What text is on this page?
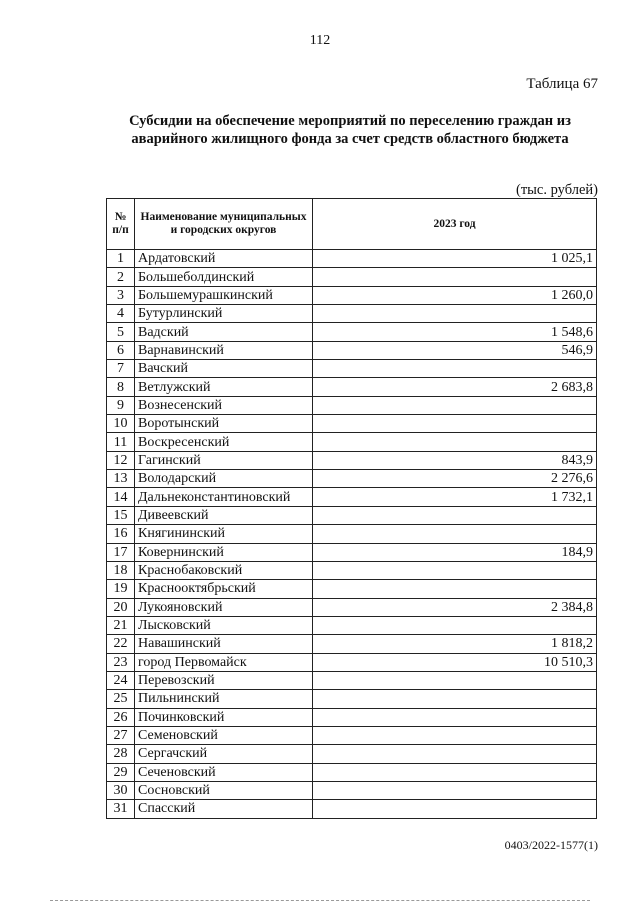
112
Таблица 67
Субсидии на обеспечение мероприятий по переселению граждан из аварийного жилищного фонда за счет средств областного бюджета
(тыс. рублей)
№ п/п	Наименование муниципальных и городских округов	2023 год
1	Ардатовский	1 025,1
2	Большеболдинский	
3	Большемурашкинский	1 260,0
4	Бутурлинский	
5	Вадский	1 548,6
6	Варнавинский	546,9
7	Вачский	
8	Ветлужский	2 683,8
9	Вознесенский	
10	Воротынский	
11	Воскресенский	
12	Гагинский	843,9
13	Володарский	2 276,6
14	Дальнеконстантиновский	1 732,1
15	Дивеевский	
16	Княгининский	
17	Ковернинский	184,9
18	Краснобаковский	
19	Краснооктябрьский	
20	Лукояновский	2 384,8
21	Лысковский	
22	Навашинский	1 818,2
23	город Первомайск	10 510,3
24	Перевозский	
25	Пильнинский	
26	Починковский	
27	Семеновский	
28	Сергачский	
29	Сеченовский	
30	Сосновский	
31	Спасский	
0403/2022-1577(1)
